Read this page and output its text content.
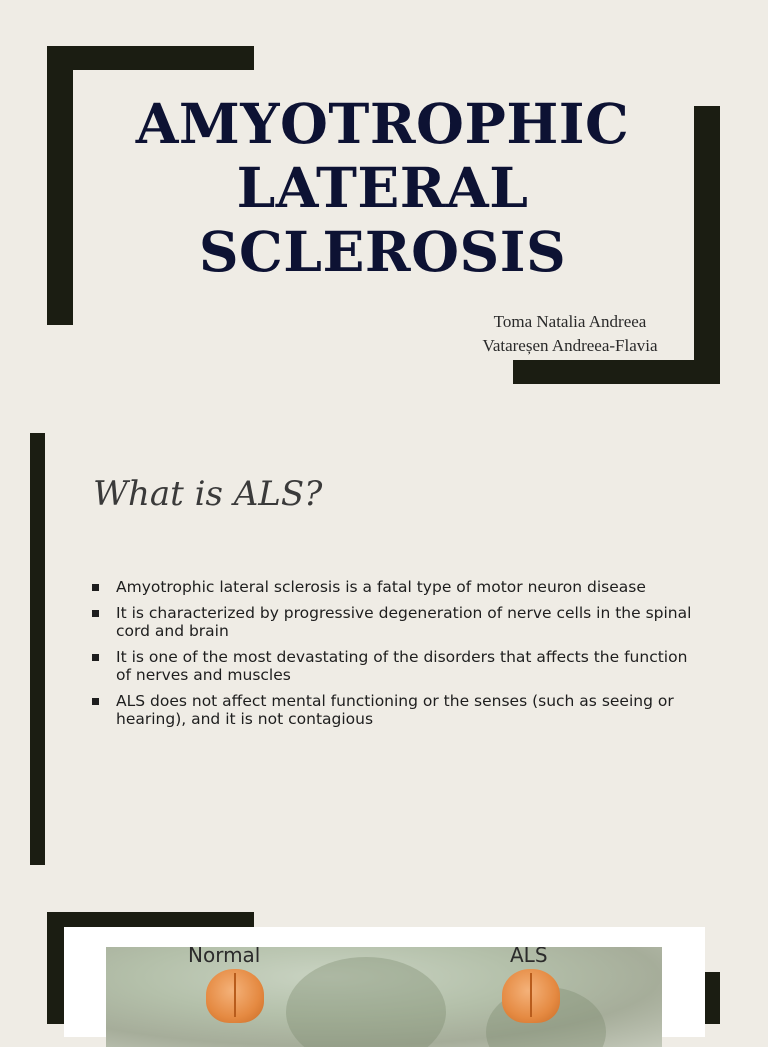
AMYOTROPHIC
LATERAL
SCLEROSIS
Toma Natalia Andreea
Vatareșen Andreea-Flavia
What is ALS?
Amyotrophic lateral sclerosis is a fatal type of motor neuron disease
It is characterized by progressive degeneration of nerve cells in the spinal cord and brain
It is one of the most devastating of the disorders that affects the function of nerves and muscles
ALS does not affect mental functioning or the senses (such as seeing or hearing), and it is not contagious
Normal	ALS
